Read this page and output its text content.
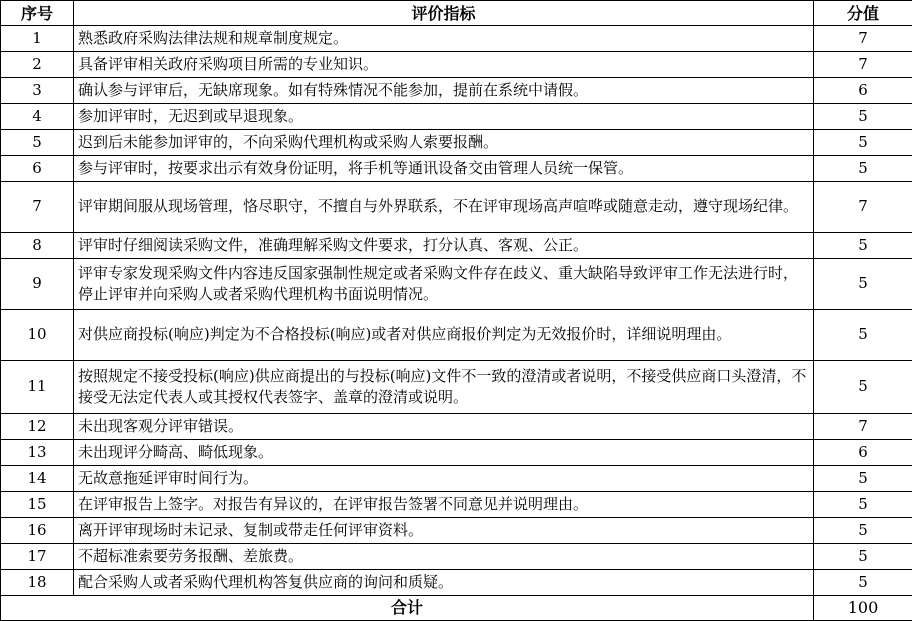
序号	评价指标	分值
1	熟悉政府采购法律法规和规章制度规定。	7
2	具备评审相关政府采购项目所需的专业知识。	7
3	确认参与评审后，无缺席现象。如有特殊情况不能参加，提前在系统中请假。	6
4	参加评审时，无迟到或早退现象。	5
5	迟到后未能参加评审的，不向采购代理机构或采购人索要报酬。	5
6	参与评审时，按要求出示有效身份证明，将手机等通讯设备交由管理人员统一保管。	5
7	评审期间服从现场管理，恪尽职守，不擅自与外界联系，不在评审现场高声喧哗或随意走动，遵守现场纪律。	7
8	评审时仔细阅读采购文件，准确理解采购文件要求，打分认真、客观、公正。	5
9	评审专家发现采购文件内容违反国家强制性规定或者采购文件存在歧义、重大缺陷导致评审工作无法进行时，停止评审并向采购人或者采购代理机构书面说明情况。	5
10	对供应商投标(响应)判定为不合格投标(响应)或者对供应商报价判定为无效报价时，详细说明理由。	5
11	按照规定不接受投标(响应)供应商提出的与投标(响应)文件不一致的澄清或者说明，不接受供应商口头澄清，不接受无法定代表人或其授权代表签字、盖章的澄清或说明。	5
12	未出现客观分评审错误。	7
13	未出现评分畸高、畸低现象。	6
14	无故意拖延评审时间行为。	5
15	在评审报告上签字。对报告有异议的，在评审报告签署不同意见并说明理由。	5
16	离开评审现场时未记录、复制或带走任何评审资料。	5
17	不超标准索要劳务报酬、差旅费。	5
18	配合采购人或者采购代理机构答复供应商的询问和质疑。	5
合计		100
